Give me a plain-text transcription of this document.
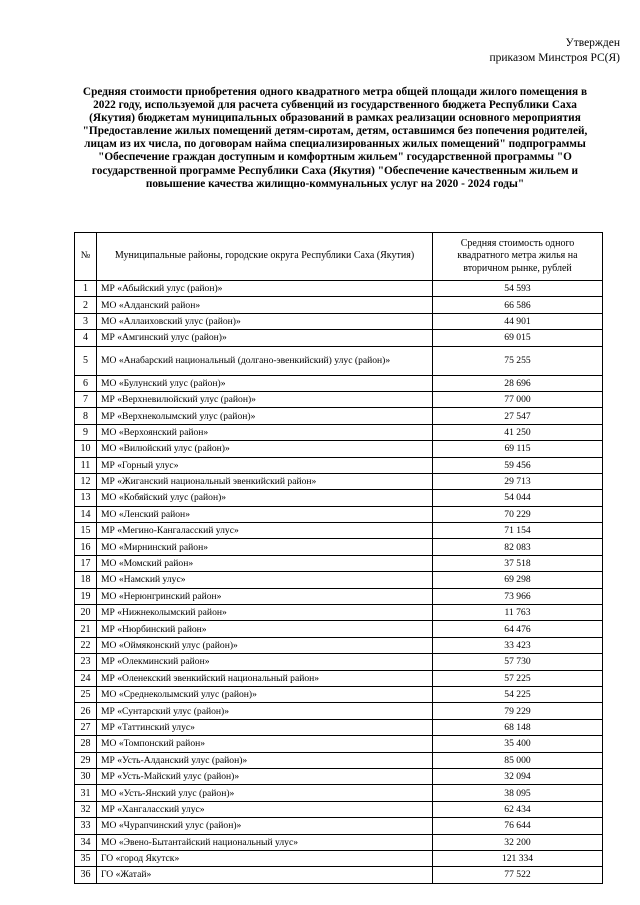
Утвержден
приказом Минстроя РС(Я)
Средняя стоимости приобретения одного квадратного метра общей площади жилого помещения в 2022 году, используемой для расчета субвенций из государственного бюджета Республики Саха (Якутия) бюджетам муниципальных образований в рамках реализации основного мероприятия "Предоставление жилых помещений детям-сиротам, детям, оставшимся без попечения родителей, лицам из их числа, по договорам найма специализированных жилых помещений" подпрограммы "Обеспечение граждан доступным и комфортным жильем" государственной программы "О государственной программе Республики Саха (Якутия) "Обеспечение качественным жильем и повышение качества жилищно-коммунальных услуг на 2020 - 2024 годы"
№	Муниципальные районы, городские округа Республики Саха (Якутия)	Средняя стоимость одного квадратного метра жилья на вторичном рынке, рублей
1	МР «Абыйский улус (район)»	54 593
2	МО «Алданский район»	66 586
3	МО «Аллаиховский улус (район)»	44 901
4	МР «Амгинский улус (район)»	69 015
5	МО «Анабарский национальный (долгано-эвенкийский) улус (район)»	75 255
6	МО «Булунский улус (район)»	28 696
7	МР «Верхневилюйский улус (район)»	77 000
8	МР «Верхнеколымский улус (район)»	27 547
9	МО «Верхоянский район»	41 250
10	МО «Вилюйский улус (район)»	69 115
11	МР «Горный улус»	59 456
12	МР «Жиганский национальный эвенкийский район»	29 713
13	МО «Кобяйский улус (район)»	54 044
14	МО «Ленский район»	70 229
15	МР «Мегино-Кангаласский улус»	71 154
16	МО «Мирнинский район»	82 083
17	МО «Момский район»	37 518
18	МО «Намский улус»	69 298
19	МО «Нерюнгринский район»	73 966
20	МР «Нижнеколымский район»	11 763
21	МР «Нюрбинский район»	64 476
22	МО «Оймяконский улус (район)»	33 423
23	МР «Олекминский район»	57 730
24	МР «Оленекский эвенкийский национальный район»	57 225
25	МО «Среднеколымский улус (район)»	54 225
26	МР «Сунтарский улус (район)»	79 229
27	МР «Таттинский улус»	68 148
28	МО «Томпонский район»	35 400
29	МР «Усть-Алданский улус (район)»	85 000
30	МР «Усть-Майский улус (район)»	32 094
31	МО «Усть-Янский улус (район)»	38 095
32	МР «Хангаласский улус»	62 434
33	МО «Чурапчинский улус (район)»	76 644
34	МО «Эвено-Бытантайский национальный улус»	32 200
35	ГО «город Якутск»	121 334
36	ГО «Жатай»	77 522
